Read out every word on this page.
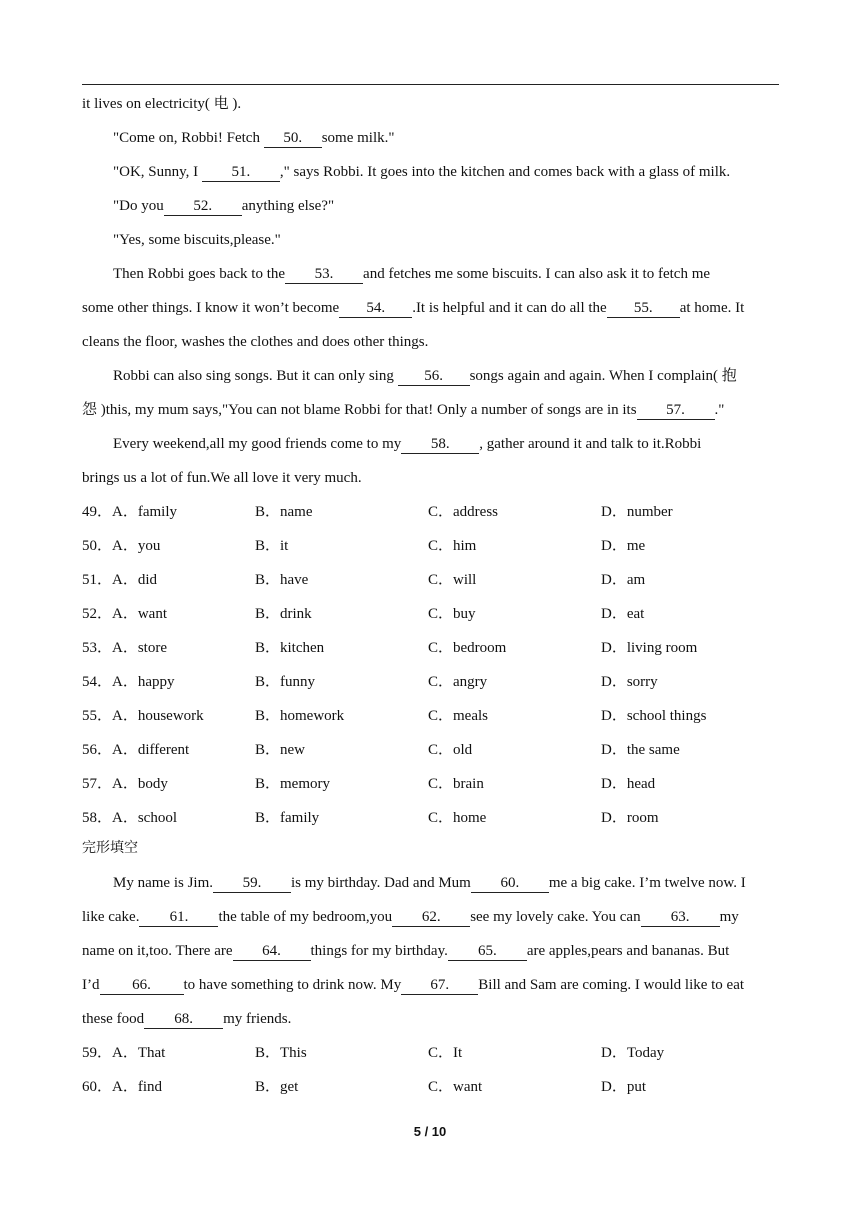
it lives on electricity( 电 ).
"Come on, Robbi! Fetch 50. some milk."
"OK, Sunny, I 51. ," says Robbi. It goes into the kitchen and comes back with a glass of milk.
"Do you 52. anything else?"
"Yes, some biscuits,please."
Then Robbi goes back to the 53. and fetches me some biscuits. I can also ask it to fetch me
some other things. I know it won’t become 54. .It is helpful and it can do all the 55. at home. It
cleans the floor, washes the clothes and does other things.
Robbi can also sing songs. But it can only sing 56. songs again and again. When I complain( 抱
怨 )this, my mum says,"You can not blame Robbi for that! Only a number of songs are in its 57. ."
Every weekend,all my good friends come to my 58. , gather around it and talk to it.Robbi
brings us a lot of fun.We all love it very much.
49．A．family	B．name	C．address	D．number
50．A．you	B．it	C．him	D．me
51．A．did	B．have	C．will	D．am
52．A．want	B．drink	C．buy	D．eat
53．A．store	B．kitchen	C．bedroom	D．living room
54．A．happy	B．funny	C．angry	D．sorry
55．A．housework	B．homework	C．meals	D．school things
56．A．different	B．new	C．old	D．the same
57．A．body	B．memory	C．brain	D．head
58．A．school	B．family	C．home	D．room
完形填空
My name is Jim. 59. is my birthday. Dad and Mum 60. me a big cake. I’m twelve now. I
like cake. 61. the table of my bedroom,you 62. see my lovely cake. You can 63. my
name on it,too. There are 64. things for my birthday. 65. are apples,pears and bananas. But
I’d 66. to have something to drink now. My 67. Bill and Sam are coming. I would like to eat
these food 68. my friends.
59．A．That	B．This	C．It	D．Today
60．A．find	B．get	C．want	D．put
5 / 10
